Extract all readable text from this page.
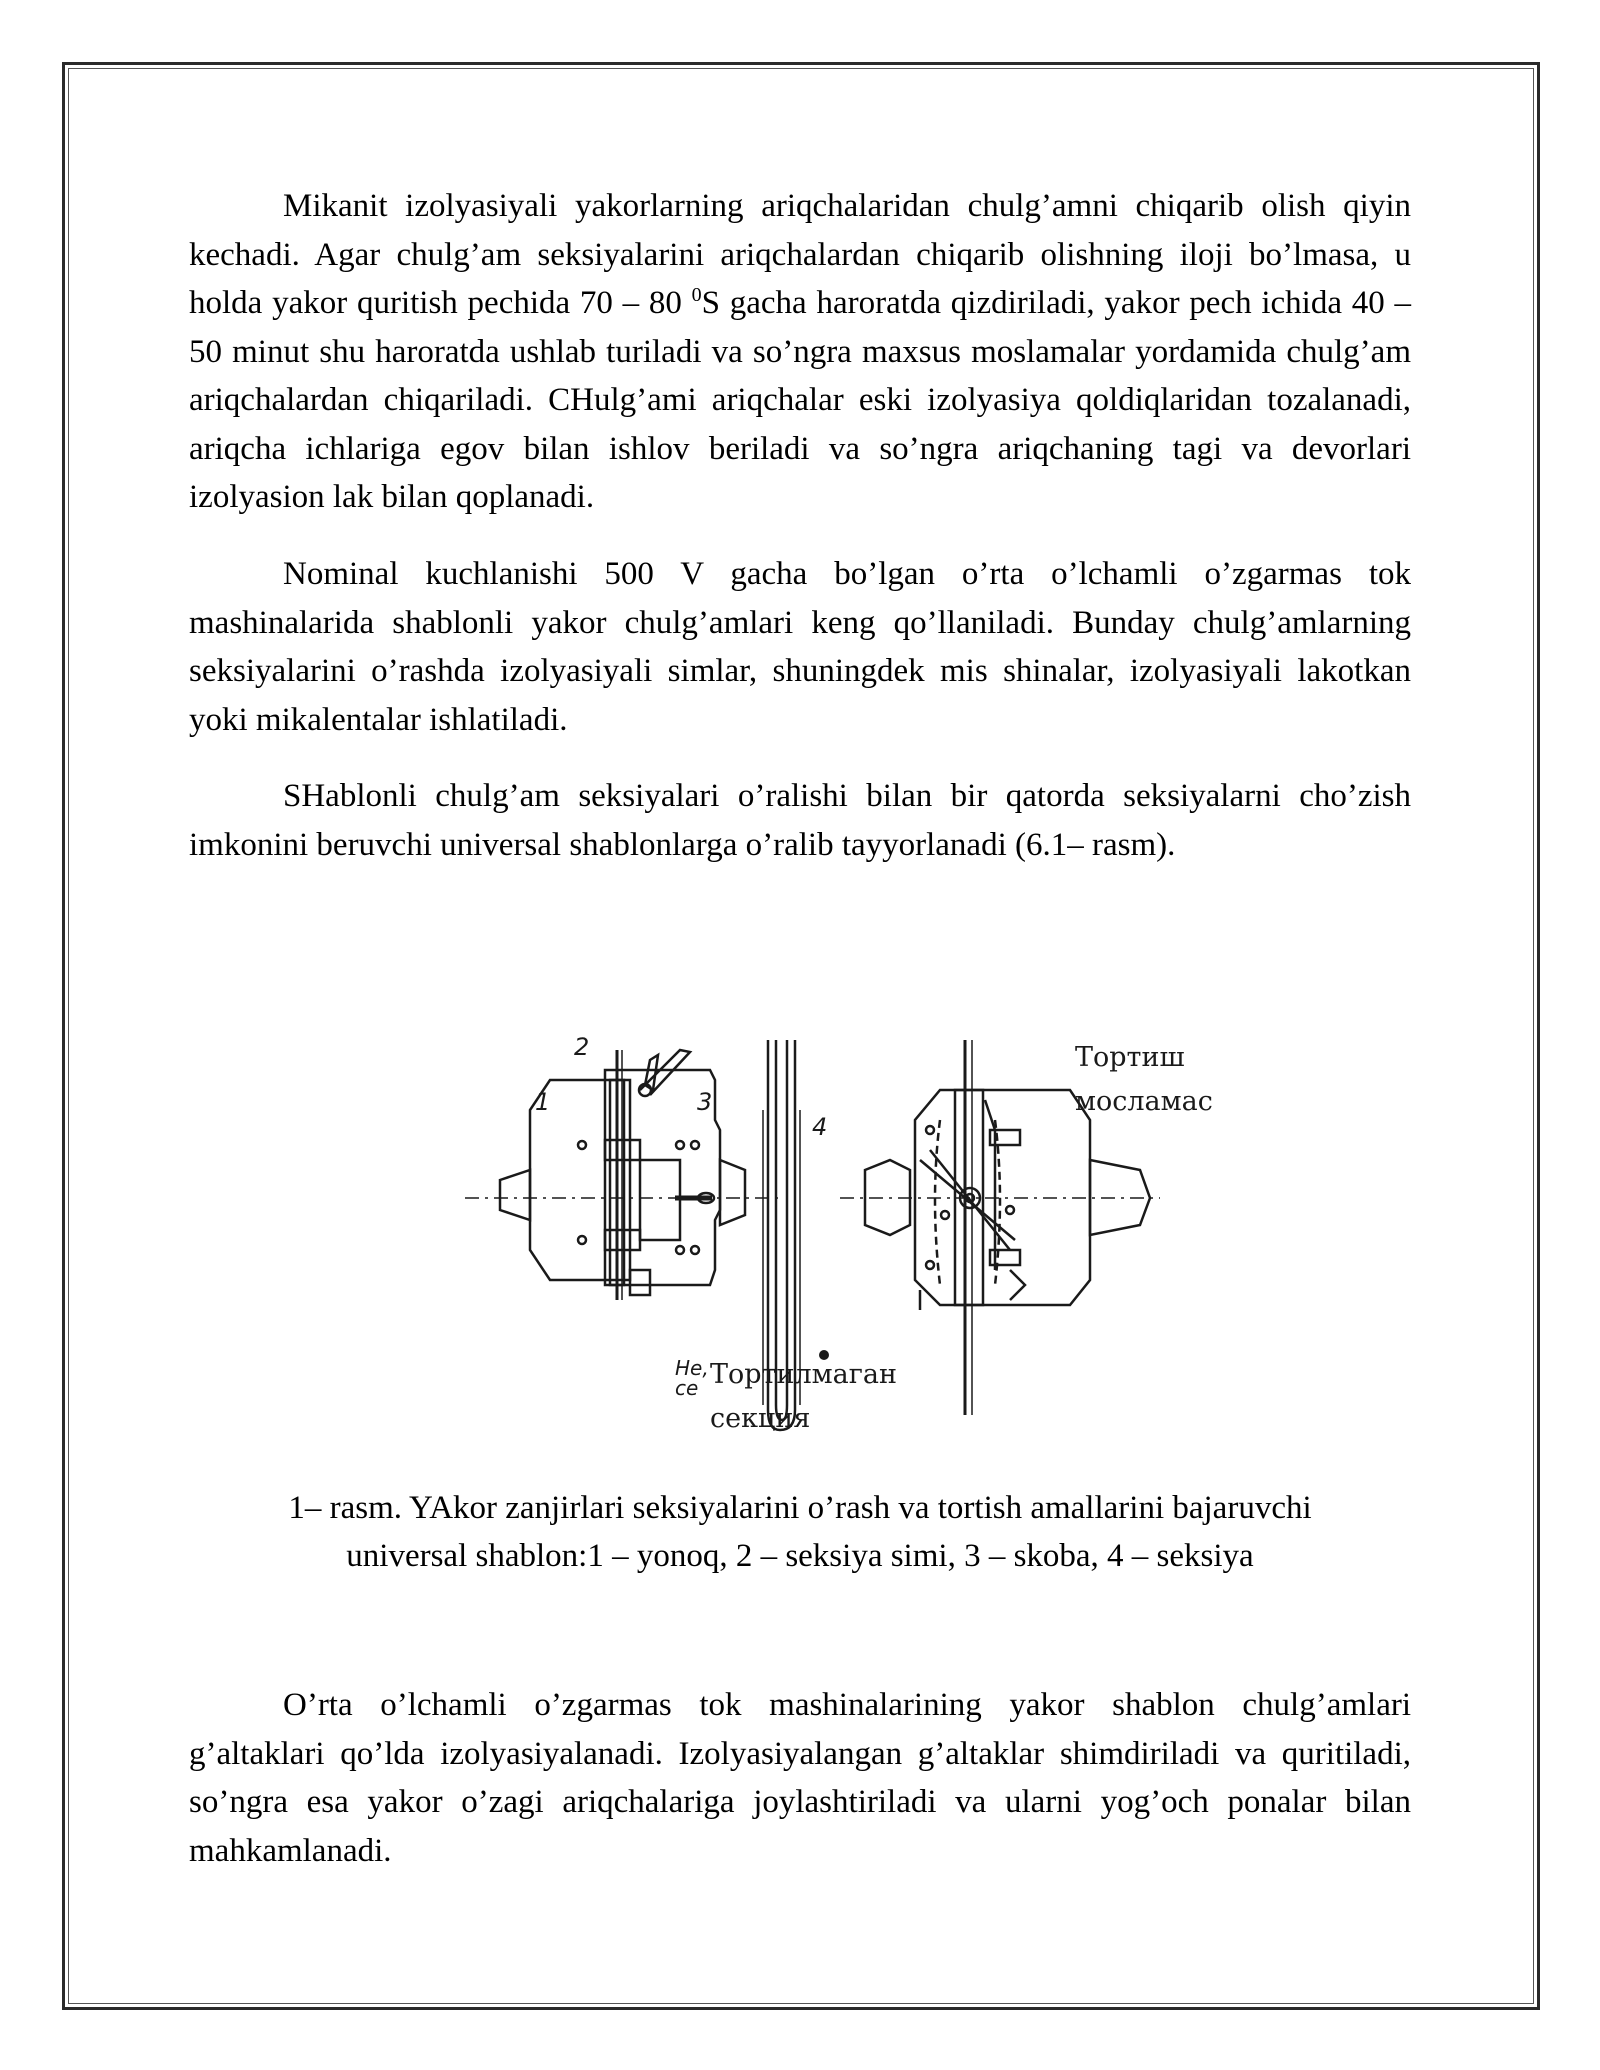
Mikanit izolyasiyali yakorlarning ariqchalaridan chulg’amni chiqarib olish qiyin kechadi. Agar chulg’am seksiyalarini ariqchalardan chiqarib olishning iloji bo’lmasa, u holda yakor quritish pechida 70 – 80 $^0$S gacha haroratda qizdiriladi, yakor pech ichida 40 – 50 minut shu haroratda ushlab turiladi va so’ngra maxsus moslamalar yordamida chulg’am ariqchalardan chiqariladi. CHulg’ami ariqchalar eski izolyasiya qoldiqlaridan tozalanadi, ariqcha ichlariga egov bilan ishlov beriladi va so’ngra ariqchaning tagi va devorlari izolyasion lak bilan qoplanadi.

Nominal kuchlanishi 500 V gacha bo’lgan o’rta o’lchamli o’zgarmas tok mashinalarida shablonli yakor chulg’amlari keng qo’llaniladi. Bunday chulg’amlarning seksiyalarini o’rashda izolyasiyali simlar, shuningdek mis shinalar, izolyasiyali lakotkan yoki mikalentalar ishlatiladi.

SHablonli chulg’am seksiyalari o’ralishi bilan bir qatorda seksiyalarni cho’zish imkonini beruvchi universal shablonlarga o’ralib tayyorlanadi (6.1– rasm).

2
1	3
4
Не,
се
Тортиш
мосламас
Тортилмаган
секция
1– rasm. YAkor zanjirlari seksiyalarini o’rash va tortish amallarini bajaruvchi
universal shablon:1 – yonoq, 2 – seksiya simi, 3 – skoba, 4 – seksiya

O’rta o’lchamli o’zgarmas tok mashinalarining yakor shablon chulg’amlari g’altaklari qo’lda izolyasiyalanadi. Izolyasiyalangan g’altaklar shimdiriladi va quritiladi, so’ngra esa yakor o’zagi ariqchalariga joylashtiriladi va ularni yog’och ponalar bilan mahkamlanadi.
